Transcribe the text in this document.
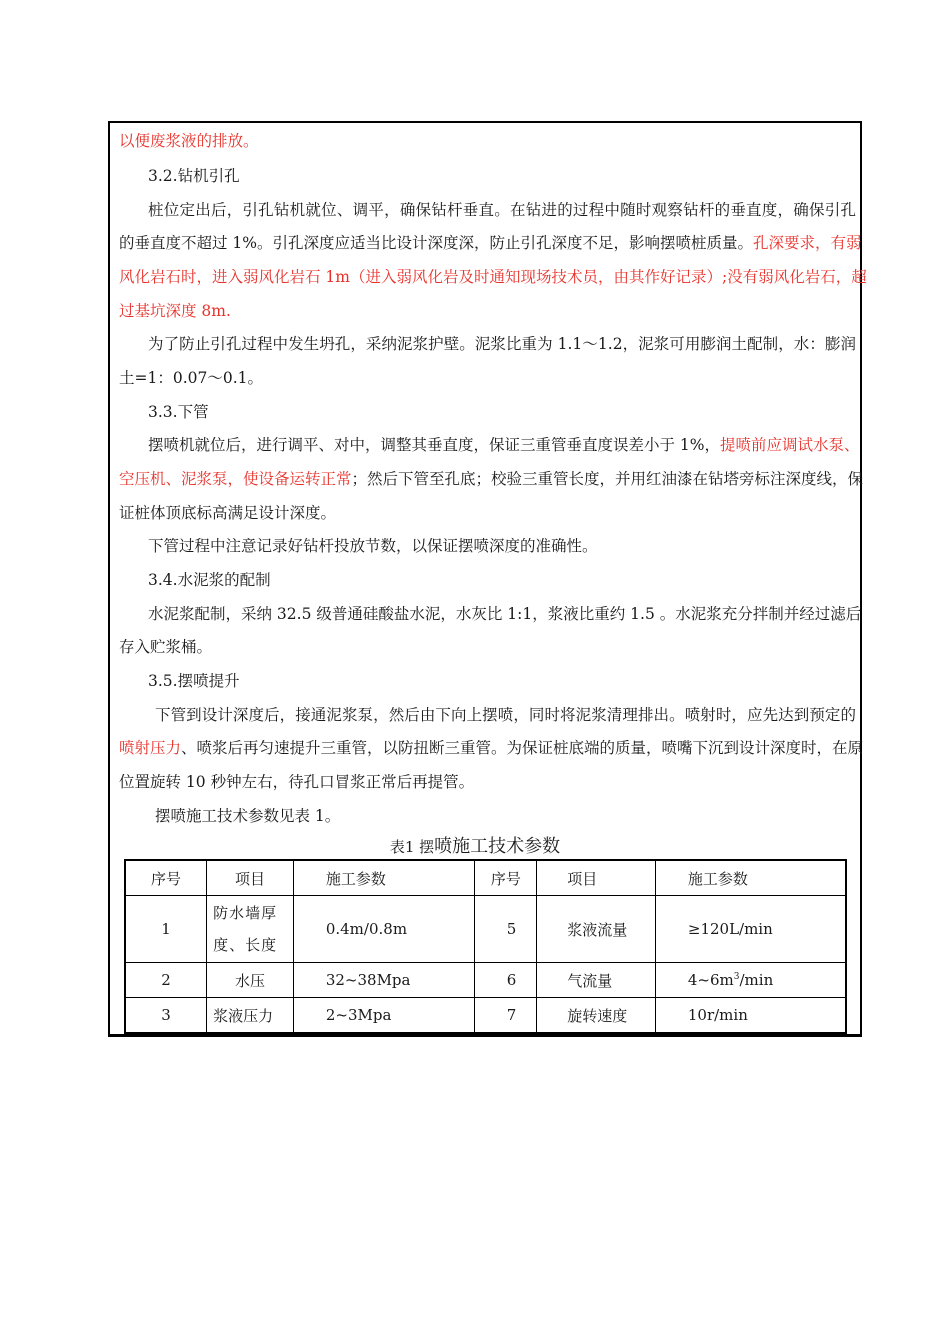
以便废浆液的排放。
3.2.钻机引孔
桩位定出后，引孔钻机就位、调平，确保钻杆垂直。在钻进的过程中随时观察钻杆的垂直度，确保引孔
的垂直度不超过 1%。引孔深度应适当比设计深度深，防止引孔深度不足，影响摆喷桩质量。孔深要求，有弱
风化岩石时，进入弱风化岩石 1m（进入弱风化岩及时通知现场技术员，由其作好记录）;没有弱风化岩石，超
过基坑深度 8m.
为了防止引孔过程中发生坍孔，采纳泥浆护壁。泥浆比重为 1.1～1.2，泥浆可用膨润土配制，水：膨润
土=1：0.07～0.1。
3.3.下管
摆喷机就位后，进行调平、对中，调整其垂直度，保证三重管垂直度误差小于 1%，提喷前应调试水泵、
空压机、泥浆泵，使设备运转正常；然后下管至孔底；校验三重管长度，并用红油漆在钻塔旁标注深度线，保
证桩体顶底标高满足设计深度。
下管过程中注意记录好钻杆投放节数，以保证摆喷深度的准确性。
3.4.水泥浆的配制
水泥浆配制，采纳 32.5 级普通硅酸盐水泥，水灰比 1:1，浆液比重约 1.5 。水泥浆充分拌制并经过滤后
存入贮浆桶。
3.5.摆喷提升
下管到设计深度后，接通泥浆泵，然后由下向上摆喷，同时将泥浆清理排出。喷射时，应先达到预定的
喷射压力、喷浆后再匀速提升三重管，以防扭断三重管。为保证桩底端的质量，喷嘴下沉到设计深度时，在原
位置旋转 10 秒钟左右，待孔口冒浆正常后再提管。
摆喷施工技术参数见表 1。
表1 摆喷施工技术参数
序号	项目	施工参数	序号	项目	施工参数
1	防水墙厚
度、长度	0.4m/0.8m	5	浆液流量	≥120L/min
2	水压	32~38Mpa	6	气流量	$4\sim 6m^3/\min$
3	浆液压力	2~3Mpa	7	旋转速度	10r/min
